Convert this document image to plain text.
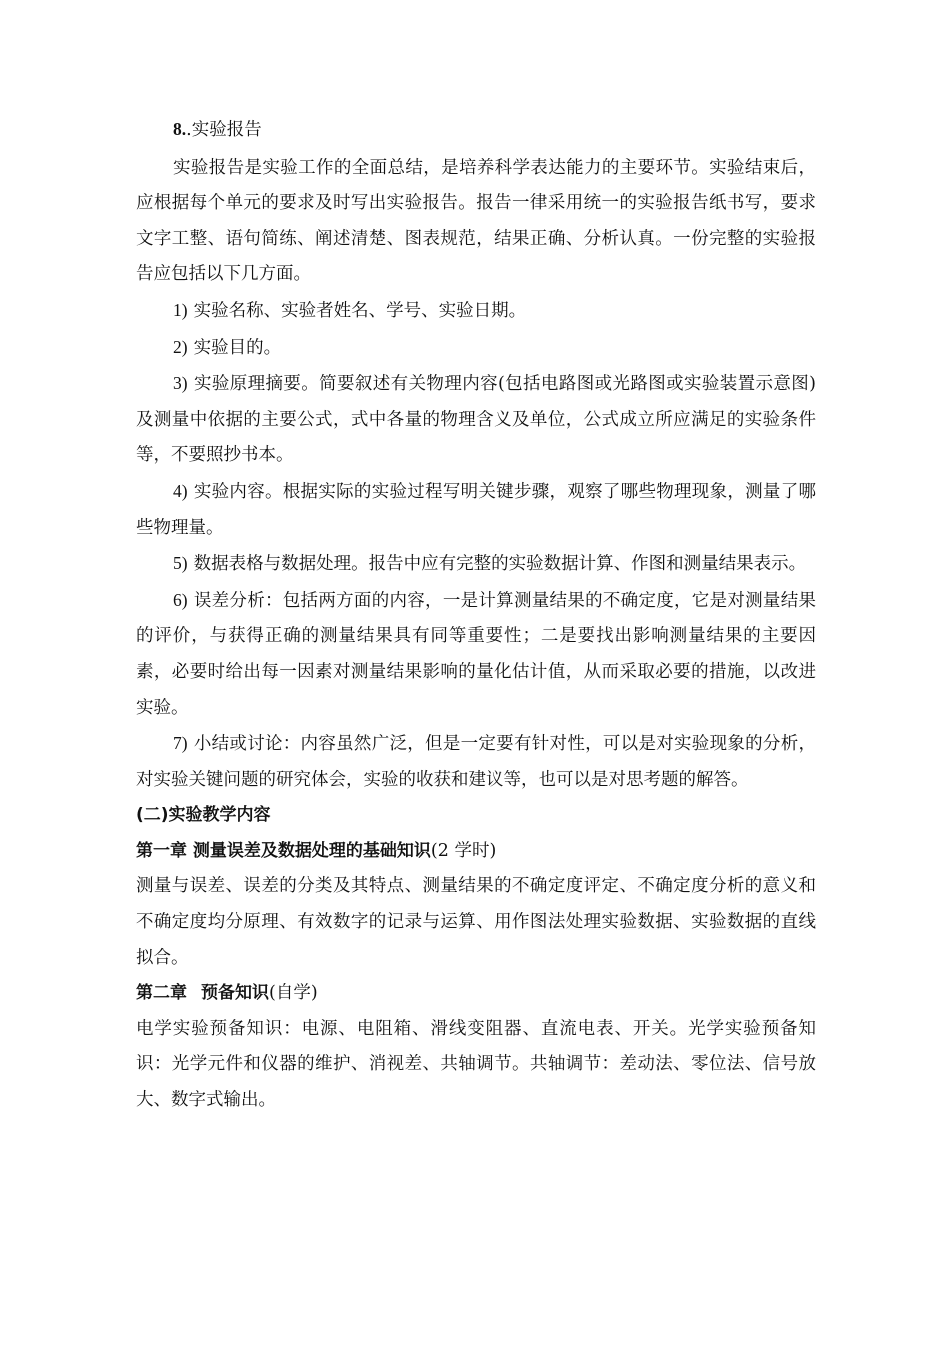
8..实验报告

实验报告是实验工作的全面总结，是培养科学表达能力的主要环节。实验结束后，应根据每个单元的要求及时写出实验报告。报告一律采用统一的实验报告纸书写，要求文字工整、语句简练、阐述清楚、图表规范，结果正确、分析认真。一份完整的实验报告应包括以下几方面。

1) 实验名称、实验者姓名、学号、实验日期。

2) 实验目的。

3) 实验原理摘要。简要叙述有关物理内容(包括电路图或光路图或实验装置示意图)及测量中依据的主要公式，式中各量的物理含义及单位，公式成立所应满足的实验条件等，不要照抄书本。

4) 实验内容。根据实际的实验过程写明关键步骤，观察了哪些物理现象，测量了哪些物理量。

5) 数据表格与数据处理。报告中应有完整的实验数据计算、作图和测量结果表示。

6) 误差分析：包括两方面的内容，一是计算测量结果的不确定度，它是对测量结果的评价，与获得正确的测量结果具有同等重要性；二是要找出影响测量结果的主要因素，必要时给出每一因素对测量结果影响的量化估计值，从而采取必要的措施，以改进实验。

7) 小结或讨论：内容虽然广泛，但是一定要有针对性，可以是对实验现象的分析，对实验关键问题的研究体会，实验的收获和建议等，也可以是对思考题的解答。

(二)实验教学内容

第一章 测量误差及数据处理的基础知识(2 学时)

测量与误差、误差的分类及其特点、测量结果的不确定度评定、不确定度分析的意义和不确定度均分原理、有效数字的记录与运算、用作图法处理实验数据、实验数据的直线拟合。

第二章 预备知识(自学)

电学实验预备知识：电源、电阻箱、滑线变阻器、直流电表、开关。光学实验预备知识：光学元件和仪器的维护、消视差、共轴调节。共轴调节：差动法、零位法、信号放大、数字式输出。
